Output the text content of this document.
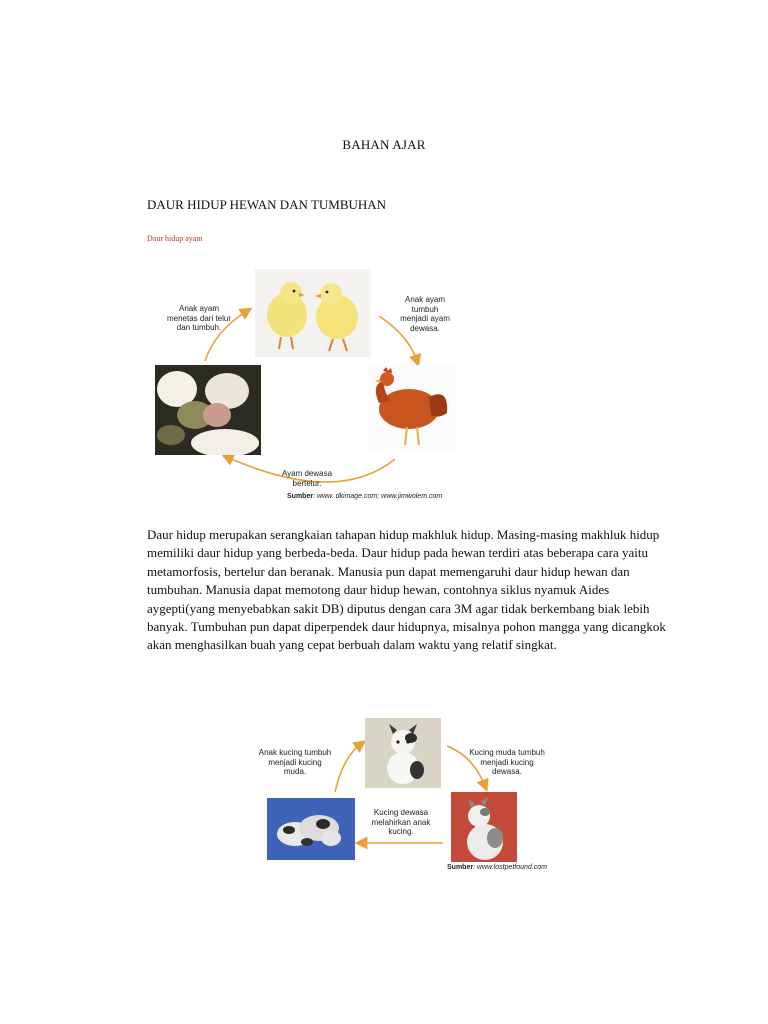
BAHAN AJAR
DAUR HIDUP HEWAN DAN TUMBUHAN
Daur hidup ayam
Anak ayam
menetas dari telur
dan tumbuh.
Anak ayam
tumbuh
menjadi ayam
dewasa.
Ayam dewasa
bertelur.
Sumber: www. dkimage.com; www.jimwolem.com
Daur hidup merupakan serangkaian tahapan hidup makhluk hidup. Masing-masing makhluk hidup memiliki daur hidup yang berbeda-beda. Daur hidup pada hewan terdiri atas beberapa cara yaitu metamorfosis, bertelur dan beranak. Manusia pun dapat memengaruhi daur hidup hewan dan tumbuhan. Manusia dapat memotong daur hidup hewan, contohnya siklus nyamuk Aides aygepti(yang menyebabkan sakit DB) diputus dengan cara 3M agar tidak berkembang biak lebih banyak. Tumbuhan pun dapat diperpendek daur hidupnya, misalnya pohon mangga yang dicangkok akan menghasilkan buah yang cepat berbuah dalam waktu yang relatif singkat.
Anak kucing tumbuh
menjadi kucing
muda.
Kucing muda tumbuh
menjadi kucing
dewasa.
Kucing dewasa
melahirkan anak
kucing.
Sumber: www.lostpetfound.com
